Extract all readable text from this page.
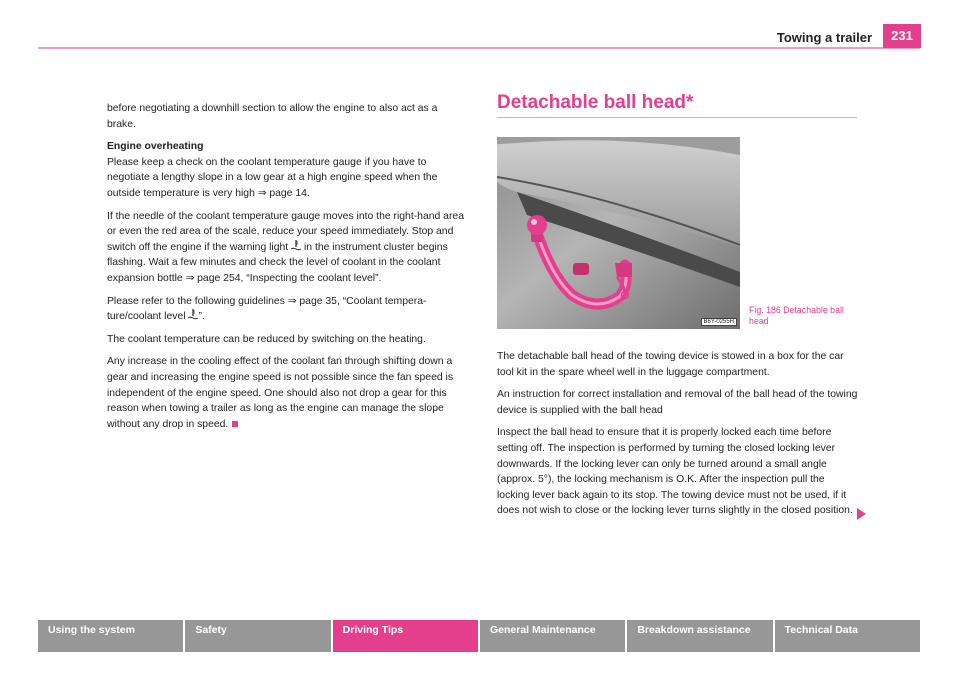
Towing a trailer	231

before negotiating a downhill section to allow the engine to also act as a brake.

Engine overheating

Please keep a check on the coolant temperature gauge if you have to negotiate a lengthy slope in a low gear at a high engine speed when the outside temperature is very high ⇒ page 14.

If the needle of the coolant temperature gauge moves into the right-hand area or even the red area of the scale, reduce your speed immediately. Stop and switch off the engine if the warning light  in the instrument cluster begins flashing. Wait a few minutes and check the level of coolant in the coolant expansion bottle ⇒ page 254, “Inspecting the coolant level”.

Please refer to the following guidelines ⇒ page 35, “Coolant tempera-ture/coolant level ”.

The coolant temperature can be reduced by switching on the heating.

Any increase in the cooling effect of the coolant fan through shifting down a gear and increasing the engine speed is not possible since the fan speed is independent of the engine speed. One should also not drop a gear for this reason when towing a trailer as long as the engine can manage the slope without any drop in speed.

Detachable ball head*
B6Y-0255H
Fig. 186 Detachable ball head

The detachable ball head of the towing device is stowed in a box for the car tool kit in the spare wheel well in the luggage compartment.

An instruction for correct installation and removal of the ball head of the towing device is supplied with the ball head

Inspect the ball head to ensure that it is properly locked each time before setting off. The inspection is performed by turning the closed locking lever downwards. If the locking lever can only be turned around a small angle (approx. 5°), the locking mechanism is O.K. After the inspection pull the locking lever back again to its stop. The towing device must not be used, if it does not wish to close or the locking lever turns slightly in the closed position.

Using the system	Safety	Driving Tips	General Maintenance	Breakdown assistance	Technical Data
